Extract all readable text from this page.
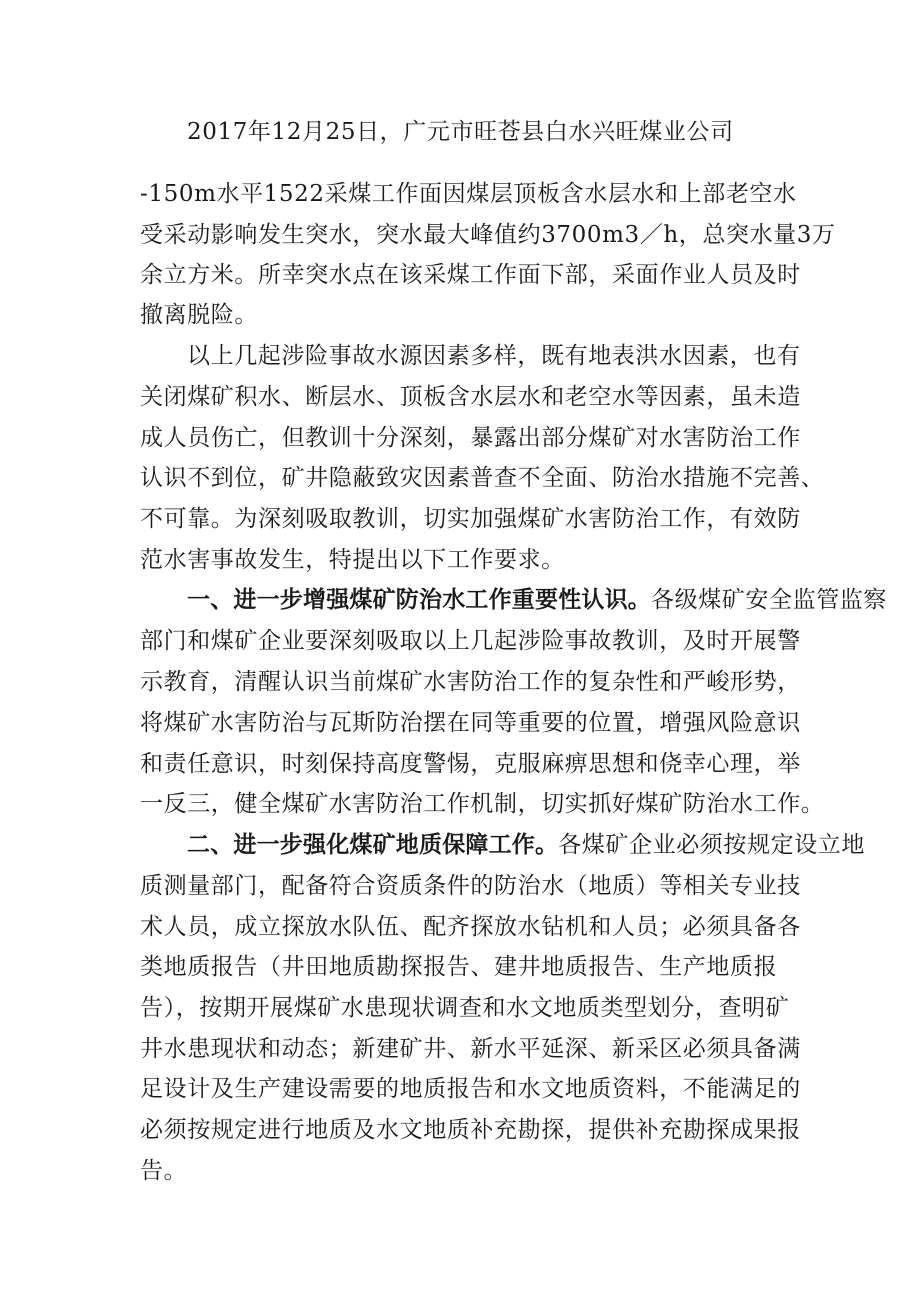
2017年12月25日，广元市旺苍县白水兴旺煤业公司
-150m水平1522采煤工作面因煤层顶板含水层水和上部老空水
受采动影响发生突水，突水最大峰值约3700m3／h，总突水量3万
余立方米。所幸突水点在该采煤工作面下部，采面作业人员及时
撤离脱险。
以上几起涉险事故水源因素多样，既有地表洪水因素，也有
关闭煤矿积水、断层水、顶板含水层水和老空水等因素，虽未造
成人员伤亡，但教训十分深刻，暴露出部分煤矿对水害防治工作
认识不到位，矿井隐蔽致灾因素普查不全面、防治水措施不完善、
不可靠。为深刻吸取教训，切实加强煤矿水害防治工作，有效防
范水害事故发生，特提出以下工作要求。
一、进一步增强煤矿防治水工作重要性认识。各级煤矿安全监管监察
部门和煤矿企业要深刻吸取以上几起涉险事故教训，及时开展警
示教育，清醒认识当前煤矿水害防治工作的复杂性和严峻形势，
将煤矿水害防治与瓦斯防治摆在同等重要的位置，增强风险意识
和责任意识，时刻保持高度警惕，克服麻痹思想和侥幸心理，举
一反三，健全煤矿水害防治工作机制，切实抓好煤矿防治水工作。
二、进一步强化煤矿地质保障工作。各煤矿企业必须按规定设立地
质测量部门，配备符合资质条件的防治水（地质）等相关专业技
术人员，成立探放水队伍、配齐探放水钻机和人员；必须具备各
类地质报告（井田地质勘探报告、建井地质报告、生产地质报
告），按期开展煤矿水患现状调查和水文地质类型划分，查明矿
井水患现状和动态；新建矿井、新水平延深、新采区必须具备满
足设计及生产建设需要的地质报告和水文地质资料，不能满足的
必须按规定进行地质及水文地质补充勘探，提供补充勘探成果报
告。
